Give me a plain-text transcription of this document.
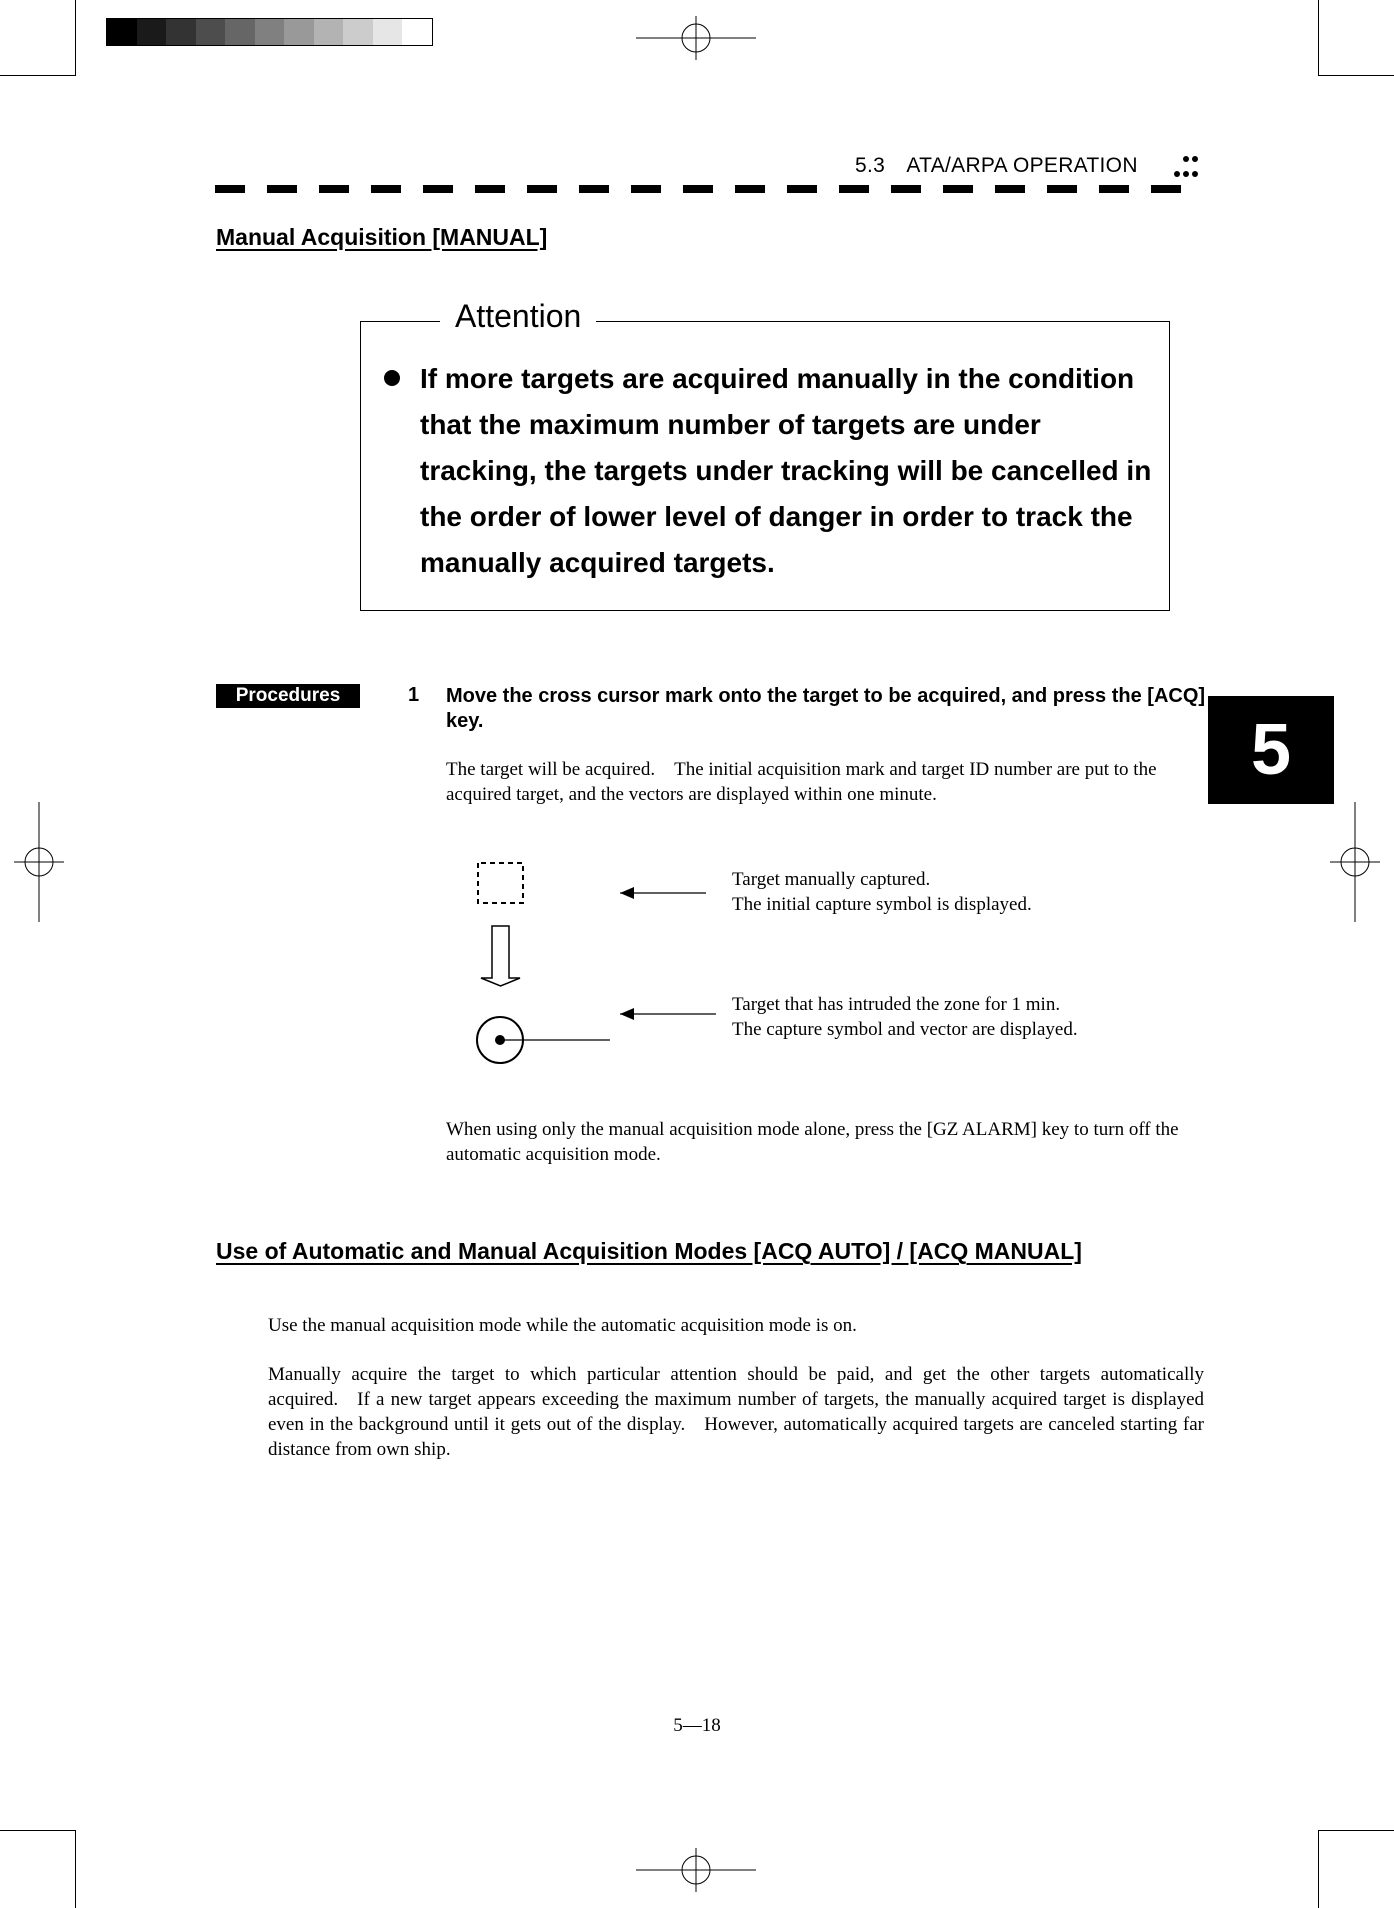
5.3 ATA/ARPA OPERATION
Manual Acquisition [MANUAL]
Attention
If more targets are acquired manually in the condition that the maximum number of targets are under tracking, the targets under tracking will be cancelled in the order of lower level of danger in order to track the manually acquired targets.
Procedures	1 Move the cross cursor mark onto the target to be acquired, and press the [ACQ] key.
The target will be acquired. The initial acquisition mark and target ID number are put to the acquired target, and the vectors are displayed within one minute.
5
Target manually captured.
The initial capture symbol is displayed.
Target that has intruded the zone for 1 min.
The capture symbol and vector are displayed.
When using only the manual acquisition mode alone, press the [GZ ALARM] key to turn off the automatic acquisition mode.
Use of Automatic and Manual Acquisition Modes [ACQ AUTO] / [ACQ MANUAL]
Use the manual acquisition mode while the automatic acquisition mode is on.
Manually acquire the target to which particular attention should be paid, and get the other targets automatically acquired. If a new target appears exceeding the maximum number of targets, the manually acquired target is displayed even in the background until it gets out of the display. However, automatically acquired targets are canceled starting far distance from own ship.
5—18
